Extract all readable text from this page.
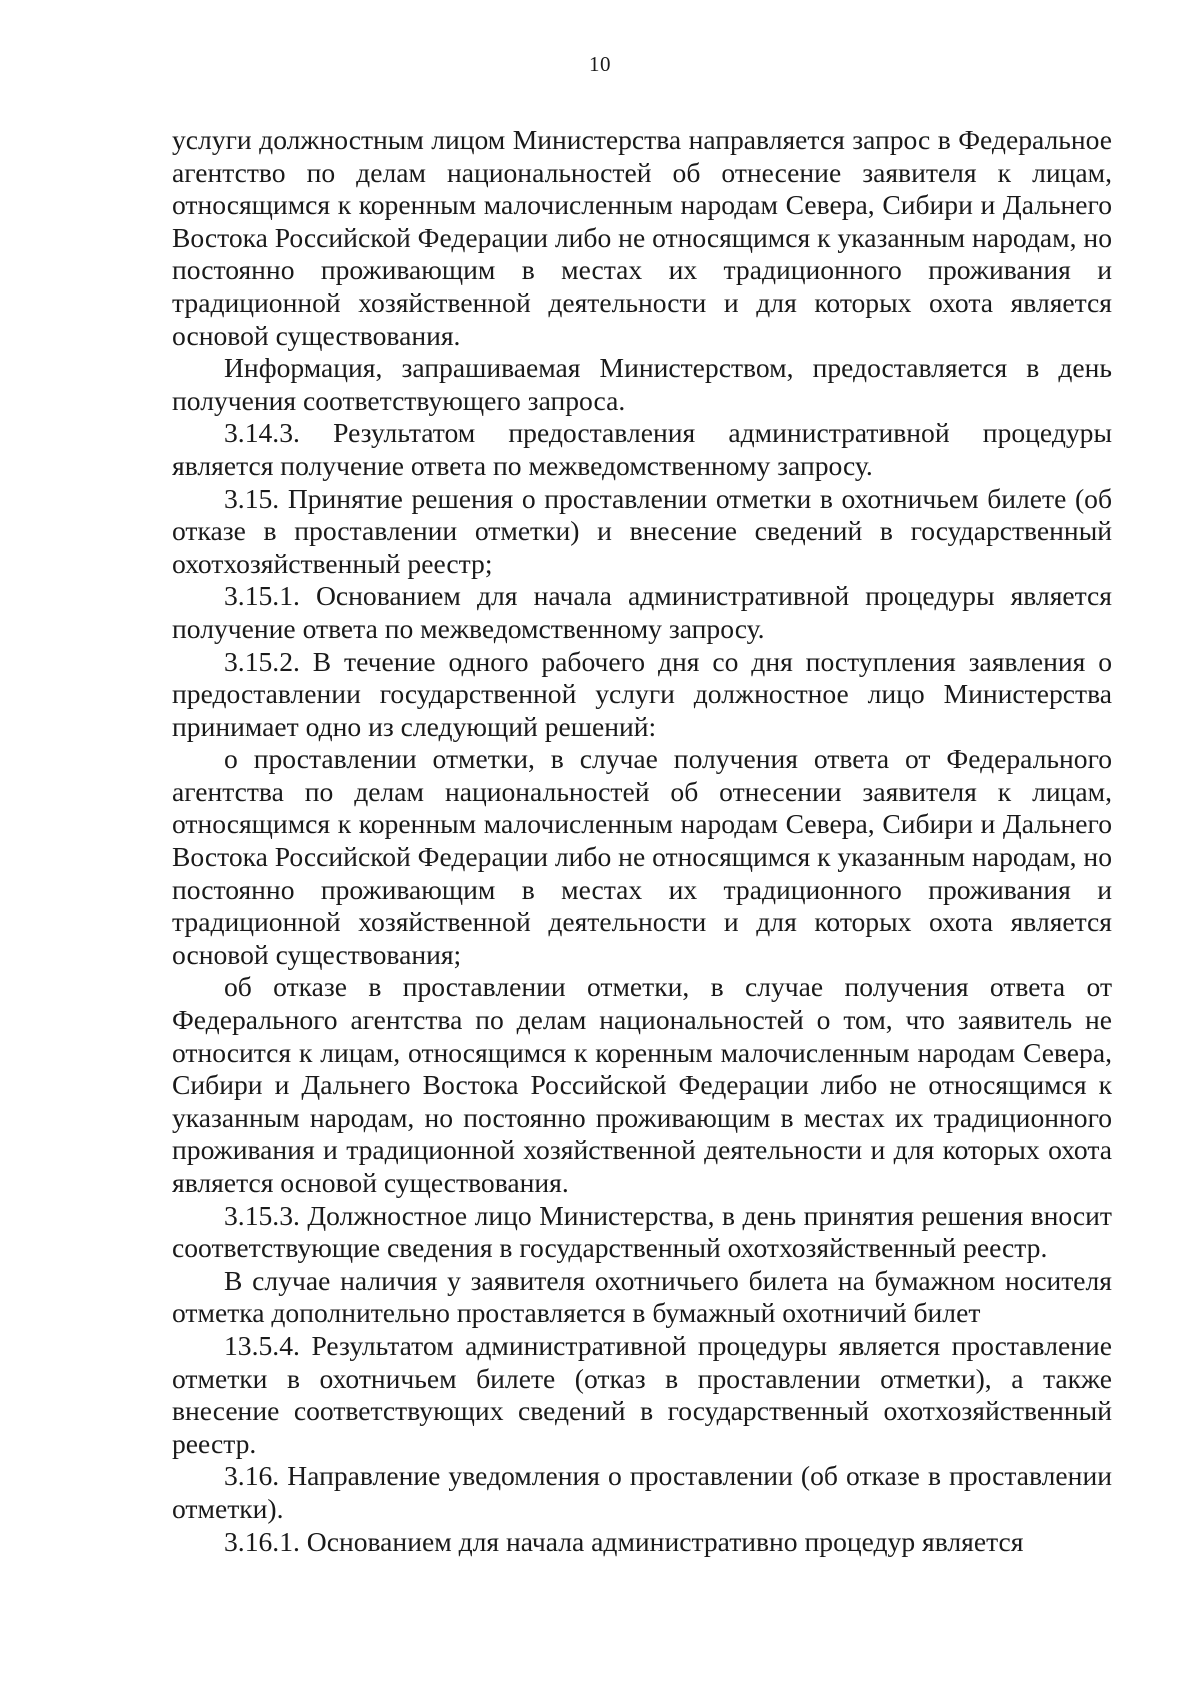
10

услуги должностным лицом Министерства направляется запрос в Федеральное агентство по делам национальностей об отнесение заявителя к лицам, относящимся к коренным малочисленным народам Севера, Сибири и Дальнего Востока Российской Федерации либо не относящимся к указанным народам, но постоянно проживающим в местах их традиционного проживания и традиционной хозяйственной деятельности и для которых охота является основой существования.

Информация, запрашиваемая Министерством, предоставляется в день получения соответствующего запроса.

3.14.3. Результатом предоставления административной процедуры является получение ответа по межведомственному запросу.

3.15. Принятие решения о проставлении отметки в охотничьем билете (об отказе в проставлении отметки) и внесение сведений в государственный охотхозяйственный реестр;

3.15.1. Основанием для начала административной процедуры является получение ответа по межведомственному запросу.

3.15.2. В течение одного рабочего дня со дня поступления заявления о предоставлении государственной услуги должностное лицо Министерства принимает одно из следующий решений:

о проставлении отметки, в случае получения ответа от Федерального агентства по делам национальностей об отнесении заявителя к лицам, относящимся к коренным малочисленным народам Севера, Сибири и Дальнего Востока Российской Федерации либо не относящимся к указанным народам, но постоянно проживающим в местах их традиционного проживания и традиционной хозяйственной деятельности и для которых охота является основой существования;

об отказе в проставлении отметки, в случае получения ответа от Федерального агентства по делам национальностей о том, что заявитель не относится к лицам, относящимся к коренным малочисленным народам Севера, Сибири и Дальнего Востока Российской Федерации либо не относящимся к указанным народам, но постоянно проживающим в местах их традиционного проживания и традиционной хозяйственной деятельности и для которых охота является основой существования.

3.15.3. Должностное лицо Министерства, в день принятия решения вносит соответствующие сведения в государственный охотхозяйственный реестр.

В случае наличия у заявителя охотничьего билета на бумажном носителя отметка дополнительно проставляется в бумажный охотничий билет

13.5.4. Результатом административной процедуры является проставление отметки в охотничьем билете (отказ в проставлении отметки), а также внесение соответствующих сведений в государственный охотхозяйственный реестр.

3.16. Направление уведомления о проставлении (об отказе в проставлении отметки).

3.16.1. Основанием для начала административно процедур является
